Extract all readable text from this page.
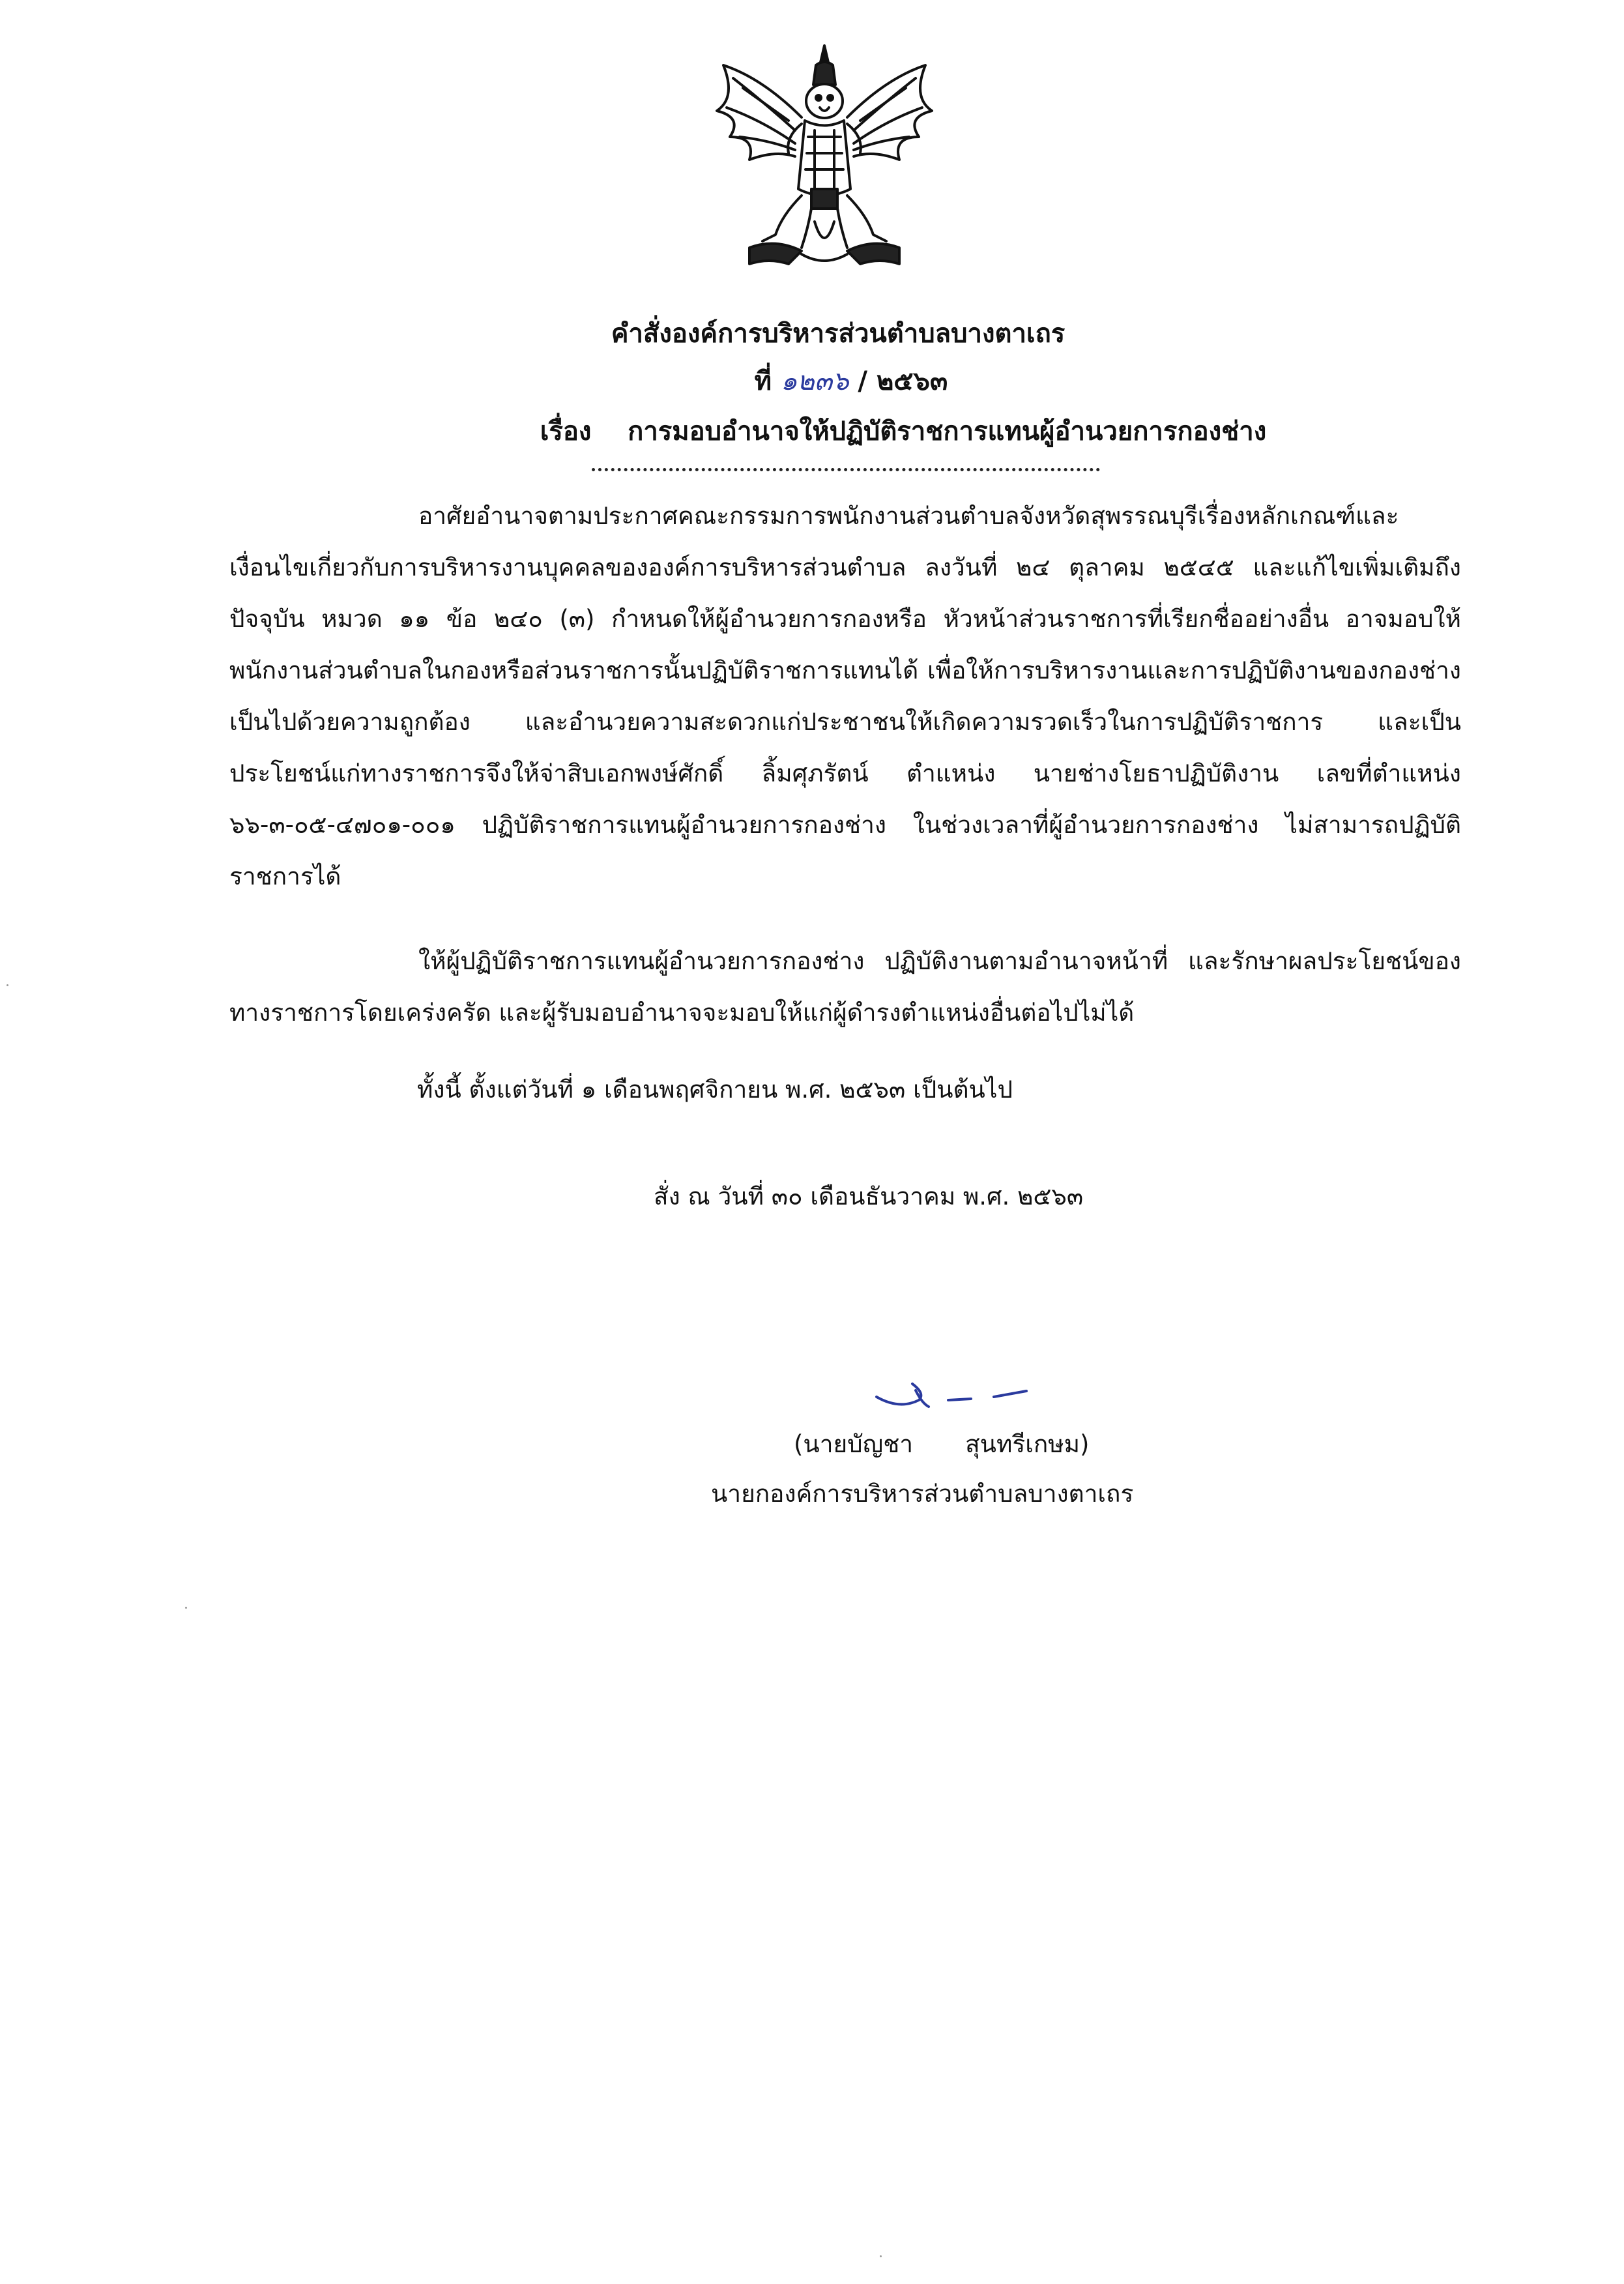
คำสั่งองค์การบริหารส่วนตำบลบางตาเถร
ที่ ๑๒๓๖ / ๒๕๖๓
เรื่อง การมอบอำนาจให้ปฏิบัติราชการแทนผู้อำนวยการกองช่าง

อาศัยอำนาจตามประกาศคณะกรรมการพนักงานส่วนตำบลจังหวัดสุพรรณบุรีเรื่องหลักเกณฑ์และเงื่อนไขเกี่ยวกับการบริหารงานบุคคลขององค์การบริหารส่วนตำบล ลงวันที่ ๒๔ ตุลาคม ๒๕๔๕ และแก้ไขเพิ่มเติมถึงปัจจุบัน หมวด ๑๑ ข้อ ๒๔๐ (๓) กำหนดให้ผู้อำนวยการกองหรือ หัวหน้าส่วนราชการที่เรียกชื่ออย่างอื่น อาจมอบให้พนักงานส่วนตำบลในกองหรือส่วนราชการนั้นปฏิบัติราชการแทนได้ เพื่อให้การบริหารงานและการปฏิบัติงานของกองช่าง เป็นไปด้วยความถูกต้อง และอำนวยความสะดวกแก่ประชาชนให้เกิดความรวดเร็วในการปฏิบัติราชการ และเป็นประโยชน์แก่ทางราชการจึงให้จ่าสิบเอกพงษ์ศักดิ์ ลิ้มศุภรัตน์ ตำแหน่ง นายช่างโยธาปฏิบัติงาน เลขที่ตำแหน่ง ๖๖-๓-๐๕-๔๗๐๑-๐๐๑ ปฏิบัติราชการแทนผู้อำนวยการกองช่าง ในช่วงเวลาที่ผู้อำนวยการกองช่าง ไม่สามารถปฏิบัติราชการได้

ให้ผู้ปฏิบัติราชการแทนผู้อำนวยการกองช่าง ปฏิบัติงานตามอำนาจหน้าที่ และรักษาผลประโยชน์ของทางราชการโดยเคร่งครัด และผู้รับมอบอำนาจจะมอบให้แก่ผู้ดำรงตำแหน่งอื่นต่อไปไม่ได้

ทั้งนี้ ตั้งแต่วันที่ ๑ เดือนพฤศจิกายน พ.ศ. ๒๕๖๓ เป็นต้นไป
สั่ง ณ วันที่ ๓๐ เดือนธันวาคม พ.ศ. ๒๕๖๓
(นายบัญชา สุนทรีเกษม)
นายกองค์การบริหารส่วนตำบลบางตาเถร
